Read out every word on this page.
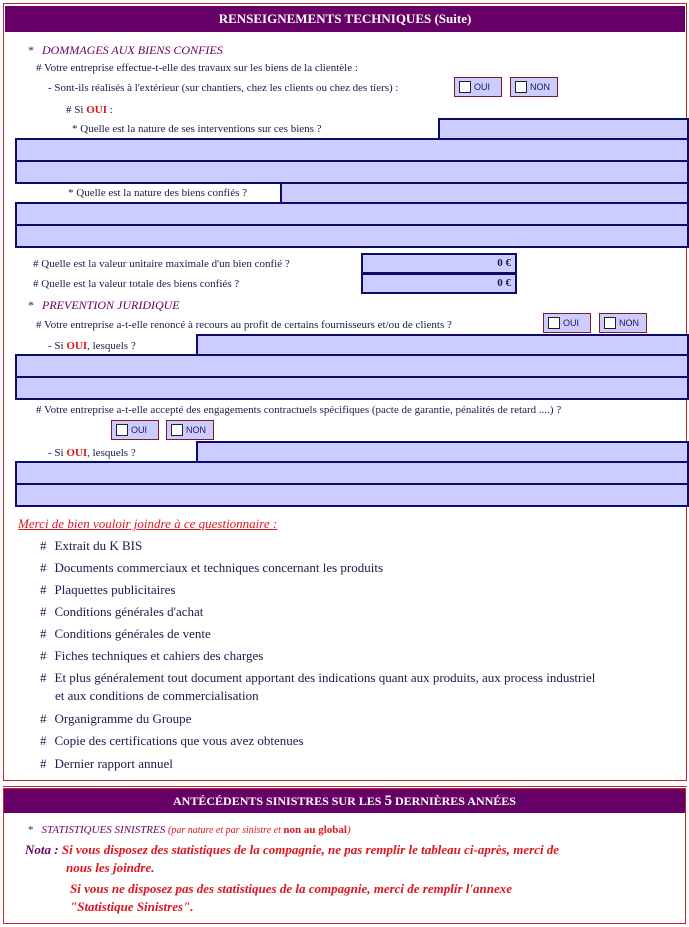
RENSEIGNEMENTS TECHNIQUES (Suite)
* DOMMAGES AUX BIENS CONFIES
# Votre entreprise effectue-t-elle des travaux sur les biens de la clientèle :
- Sont-ils réalisés à l'extérieur (sur chantiers, chez les clients ou chez des tiers) :	OUI	NON
# Si OUI :
* Quelle est la nature de ses interventions sur ces biens ?
* Quelle est la nature des biens confiés ?
# Quelle est la valeur unitaire maximale d'un bien confié ?	0 €
# Quelle est la valeur totale des biens confiés ?	0 €
* PREVENTION JURIDIQUE
# Votre entreprise a-t-elle renoncé à recours au profit de certains fournisseurs et/ou de clients ?	OUI	NON
- Si OUI, lesquels ?
# Votre entreprise a-t-elle accepté des engagements contractuels spécifiques (pacte de garantie, pénalités de retard ....) ?
OUI	NON
- Si OUI, lesquels ?
Merci de bien vouloir joindre à ce questionnaire :
# Extrait du K BIS
# Documents commerciaux et techniques concernant les produits
# Plaquettes publicitaires
# Conditions générales d'achat
# Conditions générales de vente
# Fiches techniques et cahiers des charges
# Et plus généralement tout document apportant des indications quant aux produits, aux process industriel
et aux conditions de commercialisation
# Organigramme du Groupe
# Copie des certifications que vous avez obtenues
# Dernier rapport annuel
ANTÉCÉDENTS SINISTRES SUR LES 5 DERNIÈRES ANNÉES
* STATISTIQUES SINISTRES (par nature et par sinistre et non au global)
Nota : Si vous disposez des statistiques de la compagnie, ne pas remplir le tableau ci-après, merci de
nous les joindre.
Si vous ne disposez pas des statistiques de la compagnie, merci de remplir l'annexe
"Statistique Sinistres".
